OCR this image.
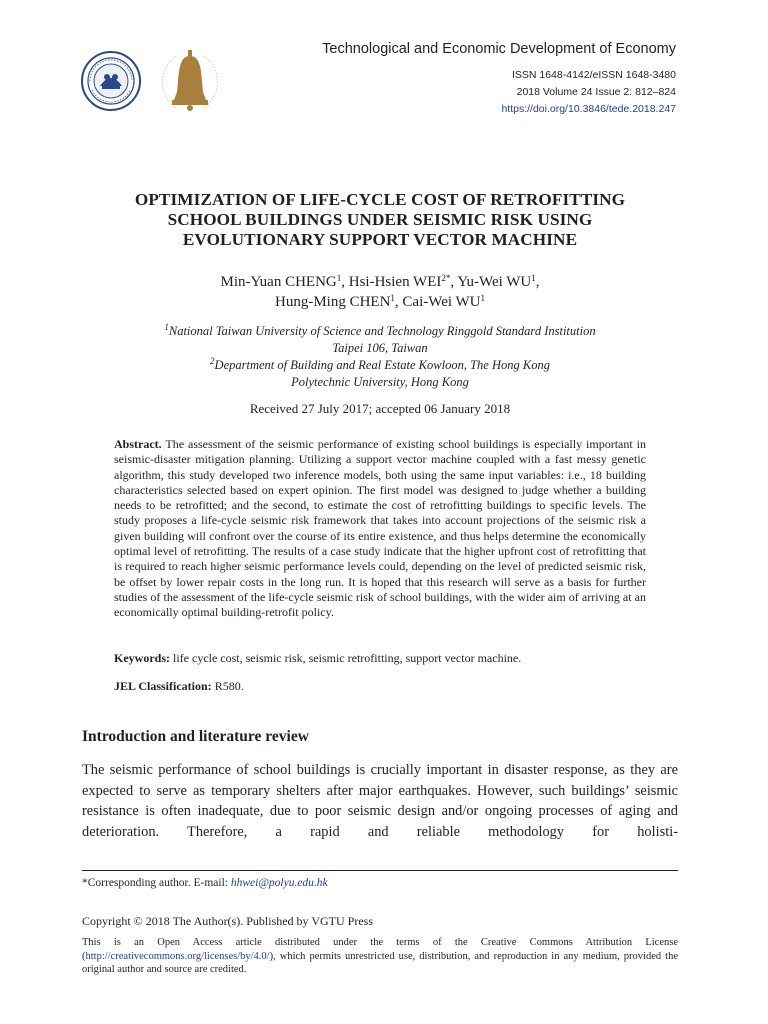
Technological and Economic Development of Economy
ISSN 1648-4142/eISSN 1648-3480
2018 Volume 24 Issue 2: 812–824
https://doi.org/10.3846/tede.2018.247
OPTIMIZATION OF LIFE-CYCLE COST OF RETROFITTING
SCHOOL BUILDINGS UNDER SEISMIC RISK USING
EVOLUTIONARY SUPPORT VECTOR MACHINE
Min-Yuan CHENG$^1$, Hsi-Hsien $WEI^{2*}$, Yu-Wei $WU^1$,
Hung-Ming CHEN$^1$, Cai-Wei $WU^1$
$^1$National Taiwan University of Science and Technology Ringgold Standard Institution
Taipei 106, Taiwan
$^2$Department of Building and Real Estate Kowloon, The Hong Kong
Polytechnic University, Hong Kong
Received 27 July 2017; accepted 06 January 2018
Abstract. The assessment of the seismic performance of existing school buildings is especially important in seismic-disaster mitigation planning. Utilizing a support vector machine coupled with a fast messy genetic algorithm, this study developed two inference models, both using the same input variables: i.e., 18 building characteristics selected based on expert opinion. The first model was designed to judge whether a building needs to be retrofitted; and the second, to estimate the cost of retrofitting buildings to specific levels. The study proposes a life-cycle seismic risk framework that takes into account projections of the seismic risk a given building will confront over the course of its entire existence, and thus helps determine the economically optimal level of retrofitting. The results of a case study indicate that the higher upfront cost of retrofitting that is required to reach higher seismic performance levels could, depending on the level of predicted seismic risk, be offset by lower repair costs in the long run. It is hoped that this research will serve as a basis for further studies of the assessment of the life-cycle seismic risk of school buildings, with the wider aim of arriving at an economically optimal building-retrofit policy.
Keywords: life cycle cost, seismic risk, seismic retrofitting, support vector machine.
JEL Classification: R580.
Introduction and literature review
The seismic performance of school buildings is crucially important in disaster response, as they are expected to serve as temporary shelters after major earthquakes. However, such buildings’ seismic resistance is often inadequate, due to poor seismic design and/or ongoing processes of aging and deterioration. Therefore, a rapid and reliable methodology for holisti-
*Corresponding author. E-mail: hhwei@polyu.edu.hk
Copyright © 2018 The Author(s). Published by VGTU Press
This is an Open Access article distributed under the terms of the Creative Commons Attribution License (http://creativecommons.org/licenses/by/4.0/), which permits unrestricted use, distribution, and reproduction in any medium, provided the original author and source are credited.
